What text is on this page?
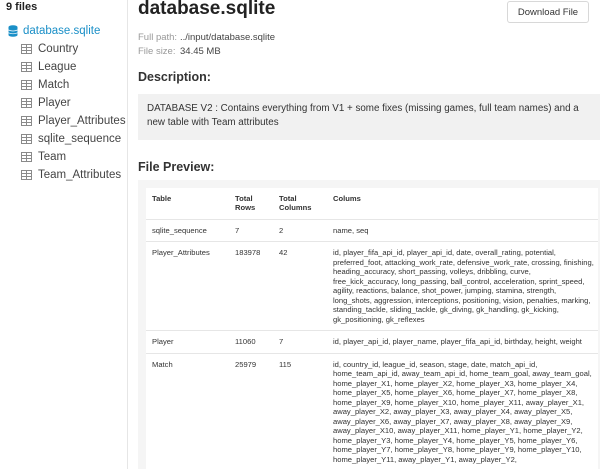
9 files
database.sqlite
Country
League
Match
Player
Player_Attributes
sqlite_sequence
Team
Team_Attributes
database.sqlite	Download File
Full path: ../input/database.sqlite
File size: 34.45 MB
Description:
DATABASE V2 : Contains everything from V1 + some fixes (missing games, full team names) and a new table with Team attributes
File Preview:
Table	Total Rows	Total Columns	Colums
sqlite_sequence	7	2	name, seq
Player_Attributes	183978	42	id, player_fifa_api_id, player_api_id, date, overall_rating, potential, preferred_foot, attacking_work_rate, defensive_work_rate, crossing, finishing, heading_accuracy, short_passing, volleys, dribbling, curve, free_kick_accuracy, long_passing, ball_control, acceleration, sprint_speed, agility, reactions, balance, shot_power, jumping, stamina, strength, long_shots, aggression, interceptions, positioning, vision, penalties, marking, standing_tackle, sliding_tackle, gk_diving, gk_handling, gk_kicking, gk_positioning, gk_reflexes
Player	11060	7	id, player_api_id, player_name, player_fifa_api_id, birthday, height, weight
Match	25979	115	id, country_id, league_id, season, stage, date, match_api_id, home_team_api_id, away_team_api_id, home_team_goal, away_team_goal, home_player_X1, home_player_X2, home_player_X3, home_player_X4, home_player_X5, home_player_X6, home_player_X7, home_player_X8, home_player_X9, home_player_X10, home_player_X11, away_player_X1, away_player_X2, away_player_X3, away_player_X4, away_player_X5, away_player_X6, away_player_X7, away_player_X8, away_player_X9, away_player_X10, away_player_X11, home_player_Y1, home_player_Y2, home_player_Y3, home_player_Y4, home_player_Y5, home_player_Y6, home_player_Y7, home_player_Y8, home_player_Y9, home_player_Y10, home_player_Y11, away_player_Y1, away_player_Y2,
